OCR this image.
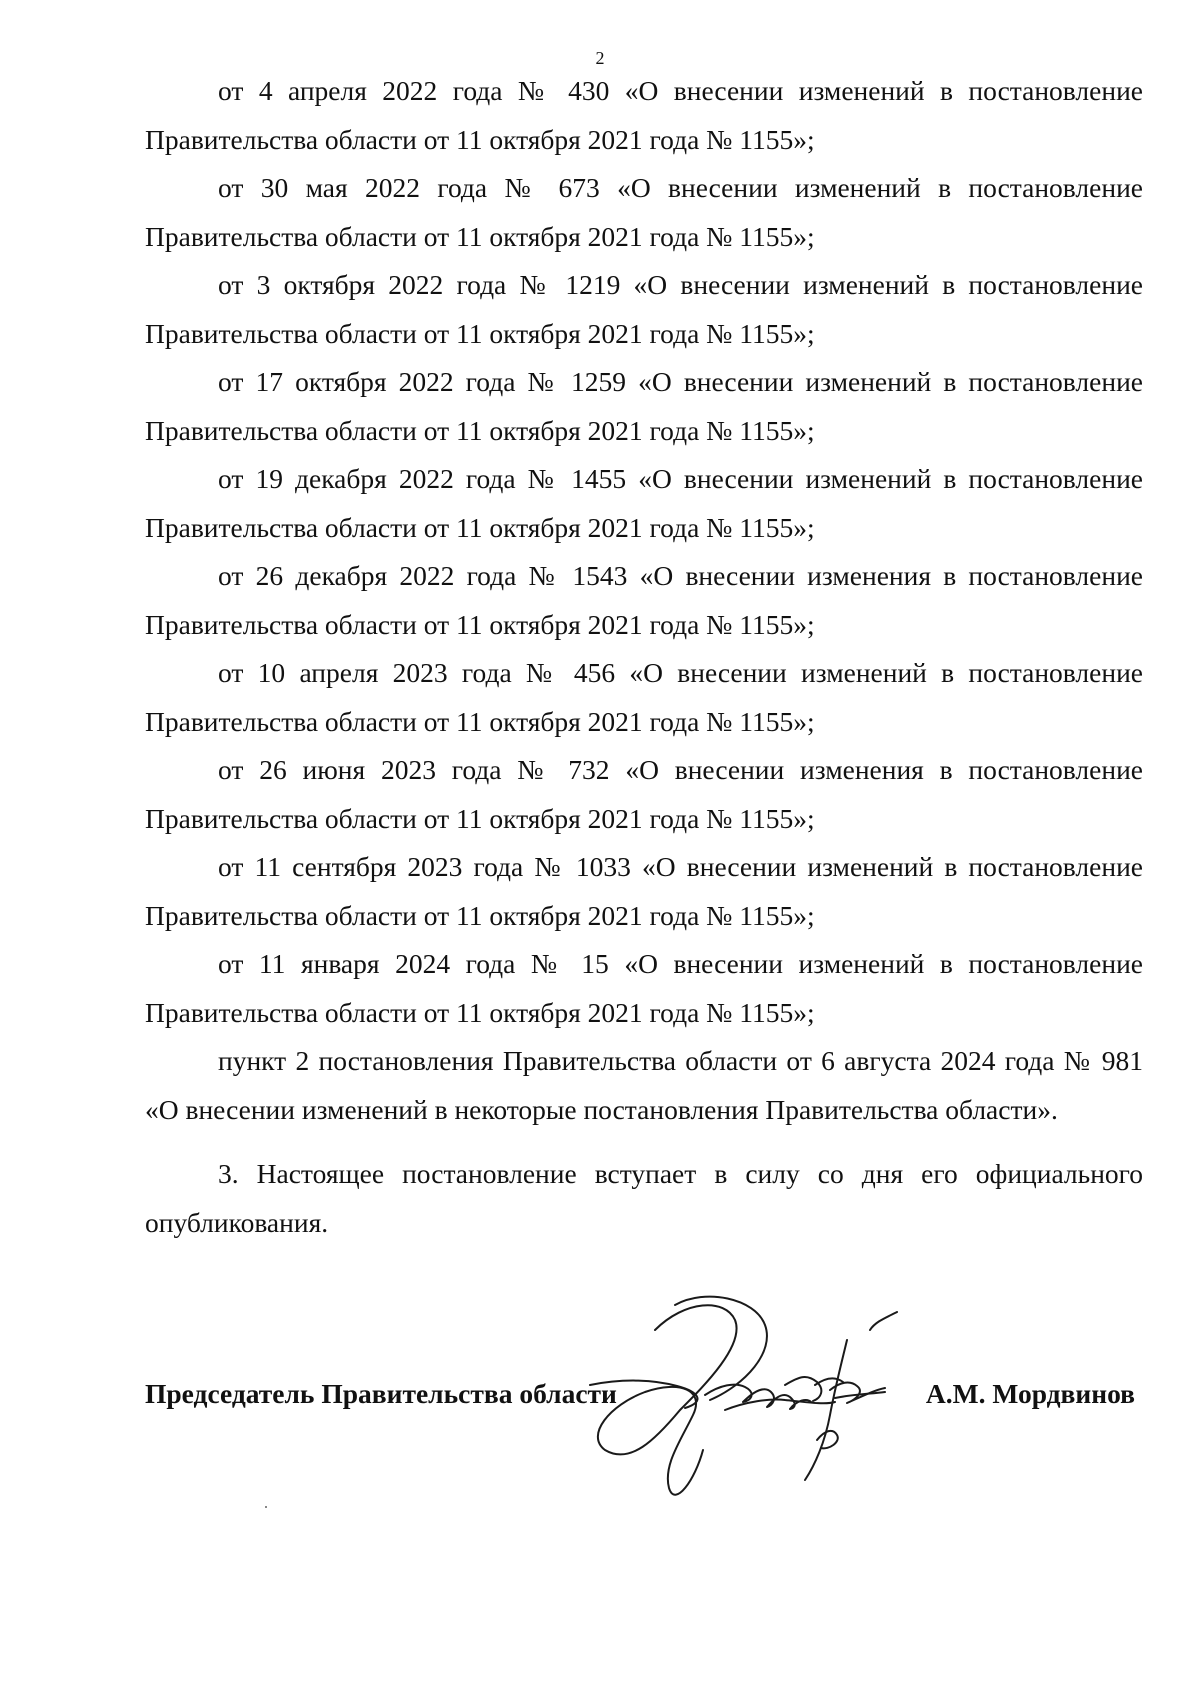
2

от 4 апреля 2022 года № 430 «О внесении изменений в постановление Правительства области от 11 октября 2021 года № 1155»;

от 30 мая 2022 года № 673 «О внесении изменений в постановление Правительства области от 11 октября 2021 года № 1155»;

от 3 октября 2022 года № 1219 «О внесении изменений в постановление Правительства области от 11 октября 2021 года № 1155»;

от 17 октября 2022 года № 1259 «О внесении изменений в постановление Правительства области от 11 октября 2021 года № 1155»;

от 19 декабря 2022 года № 1455 «О внесении изменений в постановление Правительства области от 11 октября 2021 года № 1155»;

от 26 декабря 2022 года № 1543 «О внесении изменения в постановление Правительства области от 11 октября 2021 года № 1155»;

от 10 апреля 2023 года № 456 «О внесении изменений в постановление Правительства области от 11 октября 2021 года № 1155»;

от 26 июня 2023 года № 732 «О внесении изменения в постановление Правительства области от 11 октября 2021 года № 1155»;

от 11 сентября 2023 года № 1033 «О внесении изменений в постановление Правительства области от 11 октября 2021 года № 1155»;

от 11 января 2024 года № 15 «О внесении изменений в постановление Правительства области от 11 октября 2021 года № 1155»;

пункт 2 постановления Правительства области от 6 августа 2024 года № 981 «О внесении изменений в некоторые постановления Правительства области».

3. Настоящее постановление вступает в силу со дня его официального опубликования.

Председатель Правительства области	А.М. Мордвинов
